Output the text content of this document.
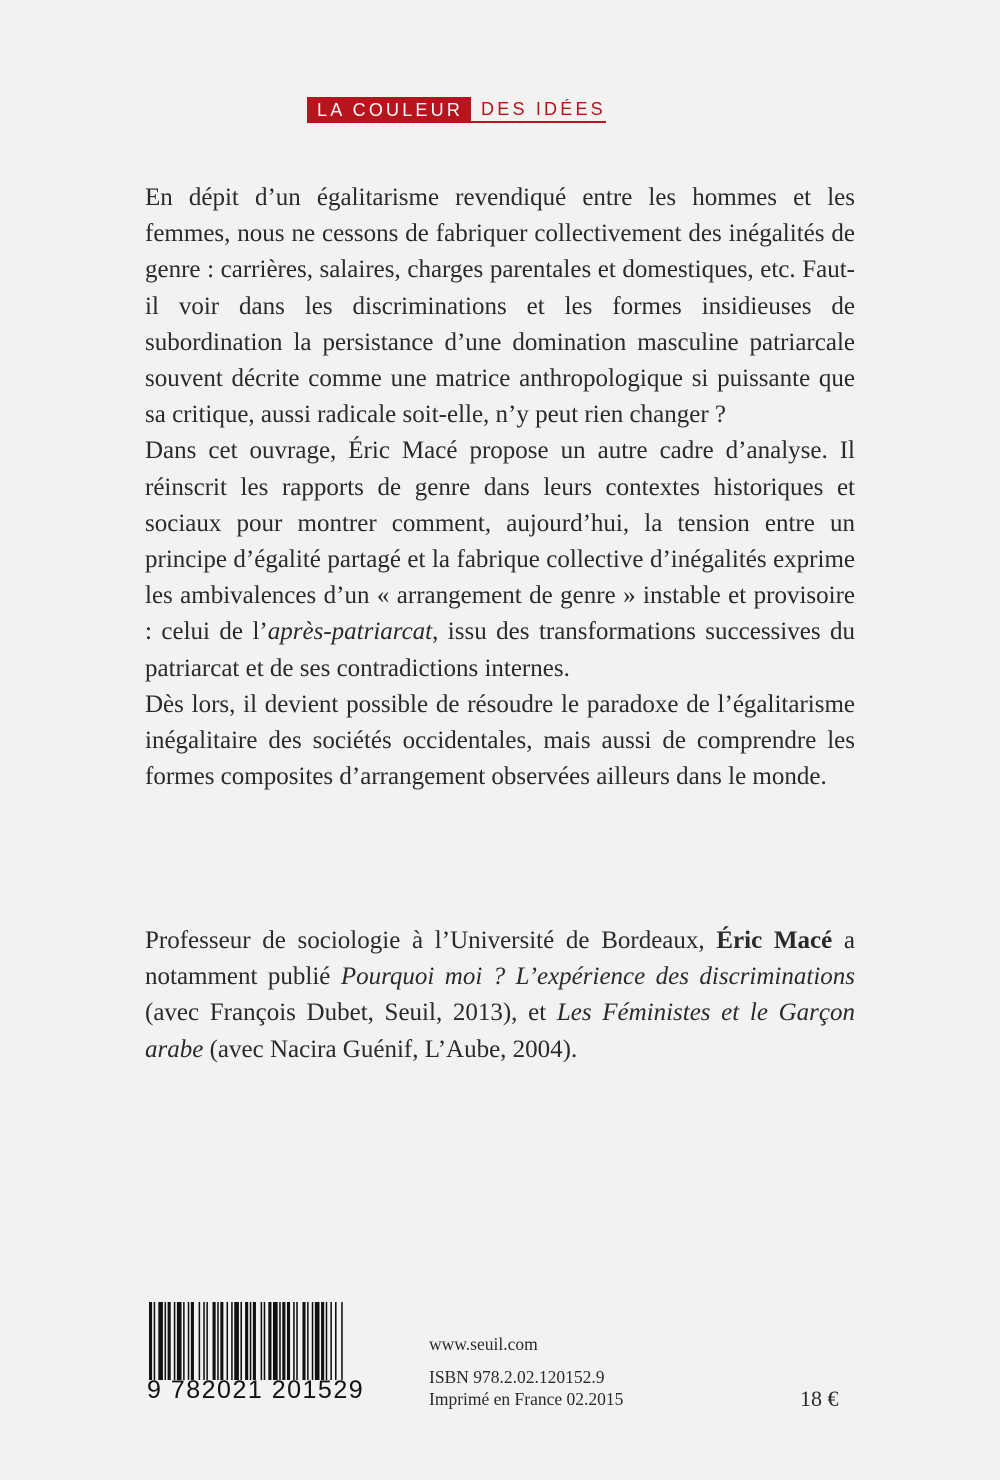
LA COULEUR	DES IDÉES

En dépit d’un égalitarisme revendiqué entre les hommes et les femmes, nous ne cessons de fabriquer collectivement des inégalités de genre : carrières, salaires, charges parentales et domestiques, etc. Faut-il voir dans les discriminations et les formes insidieuses de subordination la persistance d’une domination masculine patriarcale souvent décrite comme une matrice anthropologique si puissante que sa critique, aussi radicale soit-elle, n’y peut rien changer ?

Dans cet ouvrage, Éric Macé propose un autre cadre d’analyse. Il réinscrit les rapports de genre dans leurs contextes historiques et sociaux pour montrer comment, aujourd’hui, la tension entre un principe d’égalité partagé et la fabrique collective d’inégalités exprime les ambivalences d’un « arrangement de genre » instable et provisoire : celui de l’après-patriarcat, issu des transformations successives du patriarcat et de ses contradictions internes.

Dès lors, il devient possible de résoudre le paradoxe de l’égalitarisme inégalitaire des sociétés occidentales, mais aussi de comprendre les formes composites d’arrangement observées ailleurs dans le monde.

Professeur de sociologie à l’Université de Bordeaux, Éric Macé a notamment publié Pourquoi moi ? L’expérience des discriminations (avec François Dubet, Seuil, 2013), et Les Féministes et le Garçon arabe (avec Nacira Guénif, L’Aube, 2004).

9 782021 201529
www.seuil.com
ISBN 978.2.02.120152.9
Imprimé en France 02.2015	18 €
